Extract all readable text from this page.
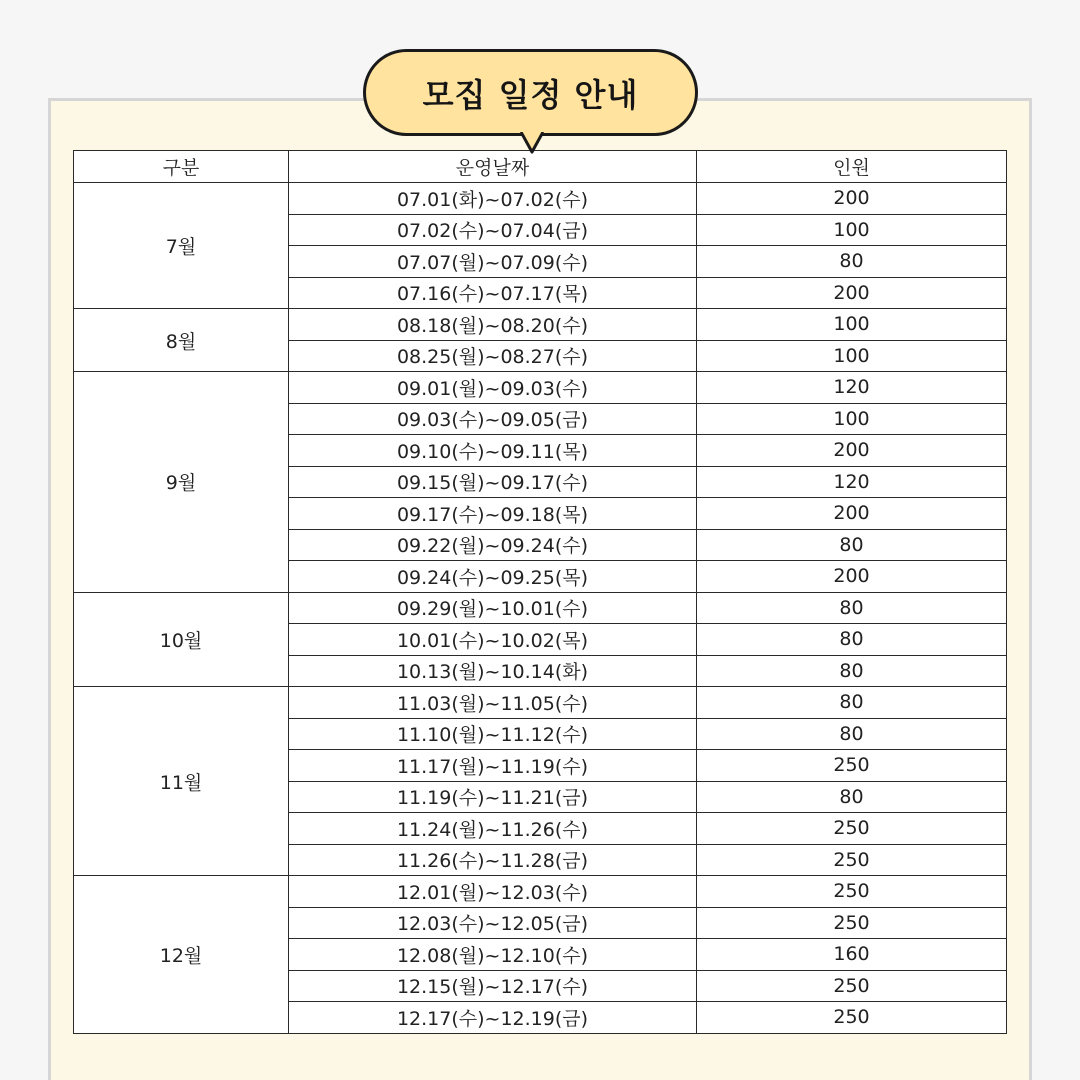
모집 일정 안내
구분	운영날짜	인원
7월	07.01(화)~07.02(수)	200
	07.02(수)~07.04(금)	100
	07.07(월)~07.09(수)	80
	07.16(수)~07.17(목)	200
8월	08.18(월)~08.20(수)	100
	08.25(월)~08.27(수)	100
9월	09.01(월)~09.03(수)	120
	09.03(수)~09.05(금)	100
	09.10(수)~09.11(목)	200
	09.15(월)~09.17(수)	120
	09.17(수)~09.18(목)	200
	09.22(월)~09.24(수)	80
	09.24(수)~09.25(목)	200
10월	09.29(월)~10.01(수)	80
	10.01(수)~10.02(목)	80
	10.13(월)~10.14(화)	80
11월	11.03(월)~11.05(수)	80
	11.10(월)~11.12(수)	80
	11.17(월)~11.19(수)	250
	11.19(수)~11.21(금)	80
	11.24(월)~11.26(수)	250
	11.26(수)~11.28(금)	250
12월	12.01(월)~12.03(수)	250
	12.03(수)~12.05(금)	250
	12.08(월)~12.10(수)	160
	12.15(월)~12.17(수)	250
	12.17(수)~12.19(금)	250
